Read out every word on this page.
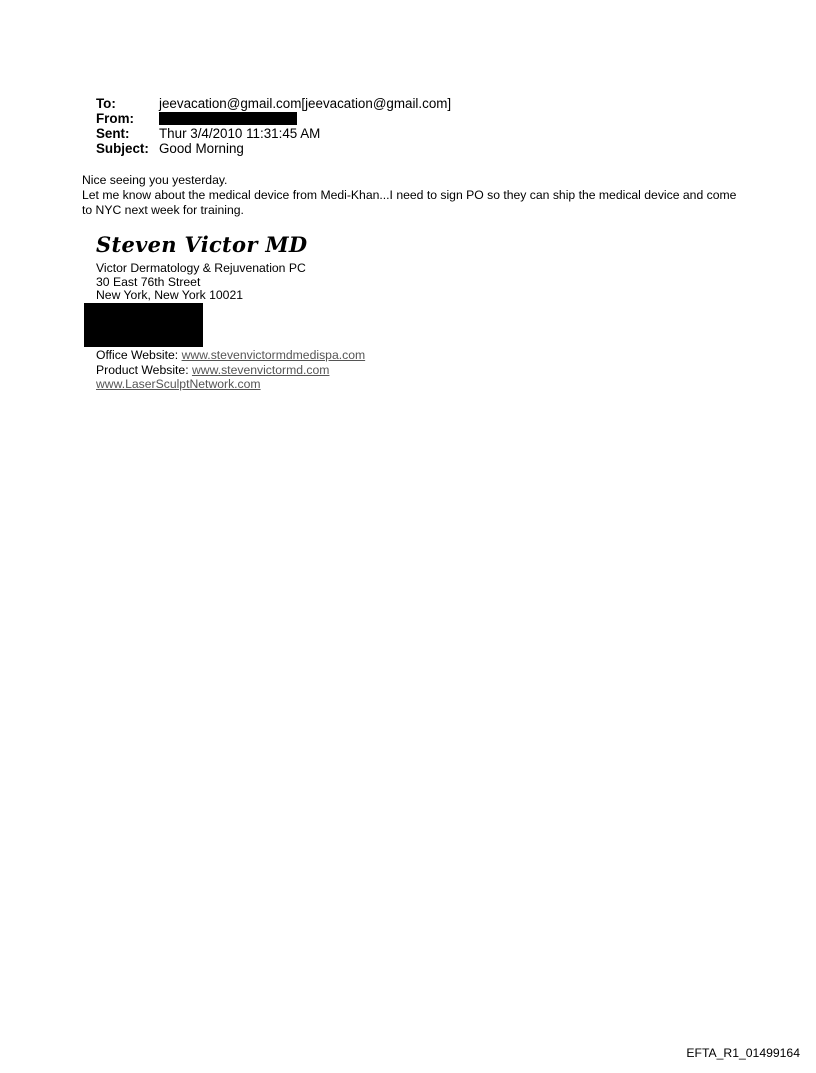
To:	jeevacation@gmail.com[jeevacation@gmail.com]
From:
Sent:	Thur 3/4/2010 11:31:45 AM
Subject: Good Morning
Nice seeing you yesterday.
Let me know about the medical device from Medi-Khan...I need to sign PO so they can ship the medical device and come to NYC next week for training.
Steven Victor MD
Victor Dermatology & Rejuvenation PC
30 East 76th Street
New York, New York 10021
Office Website: www.stevenvictormdmedispa.com
Product Website: www.stevenvictormd.com
www.LaserSculptNetwork.com
EFTA_R1_01499164
